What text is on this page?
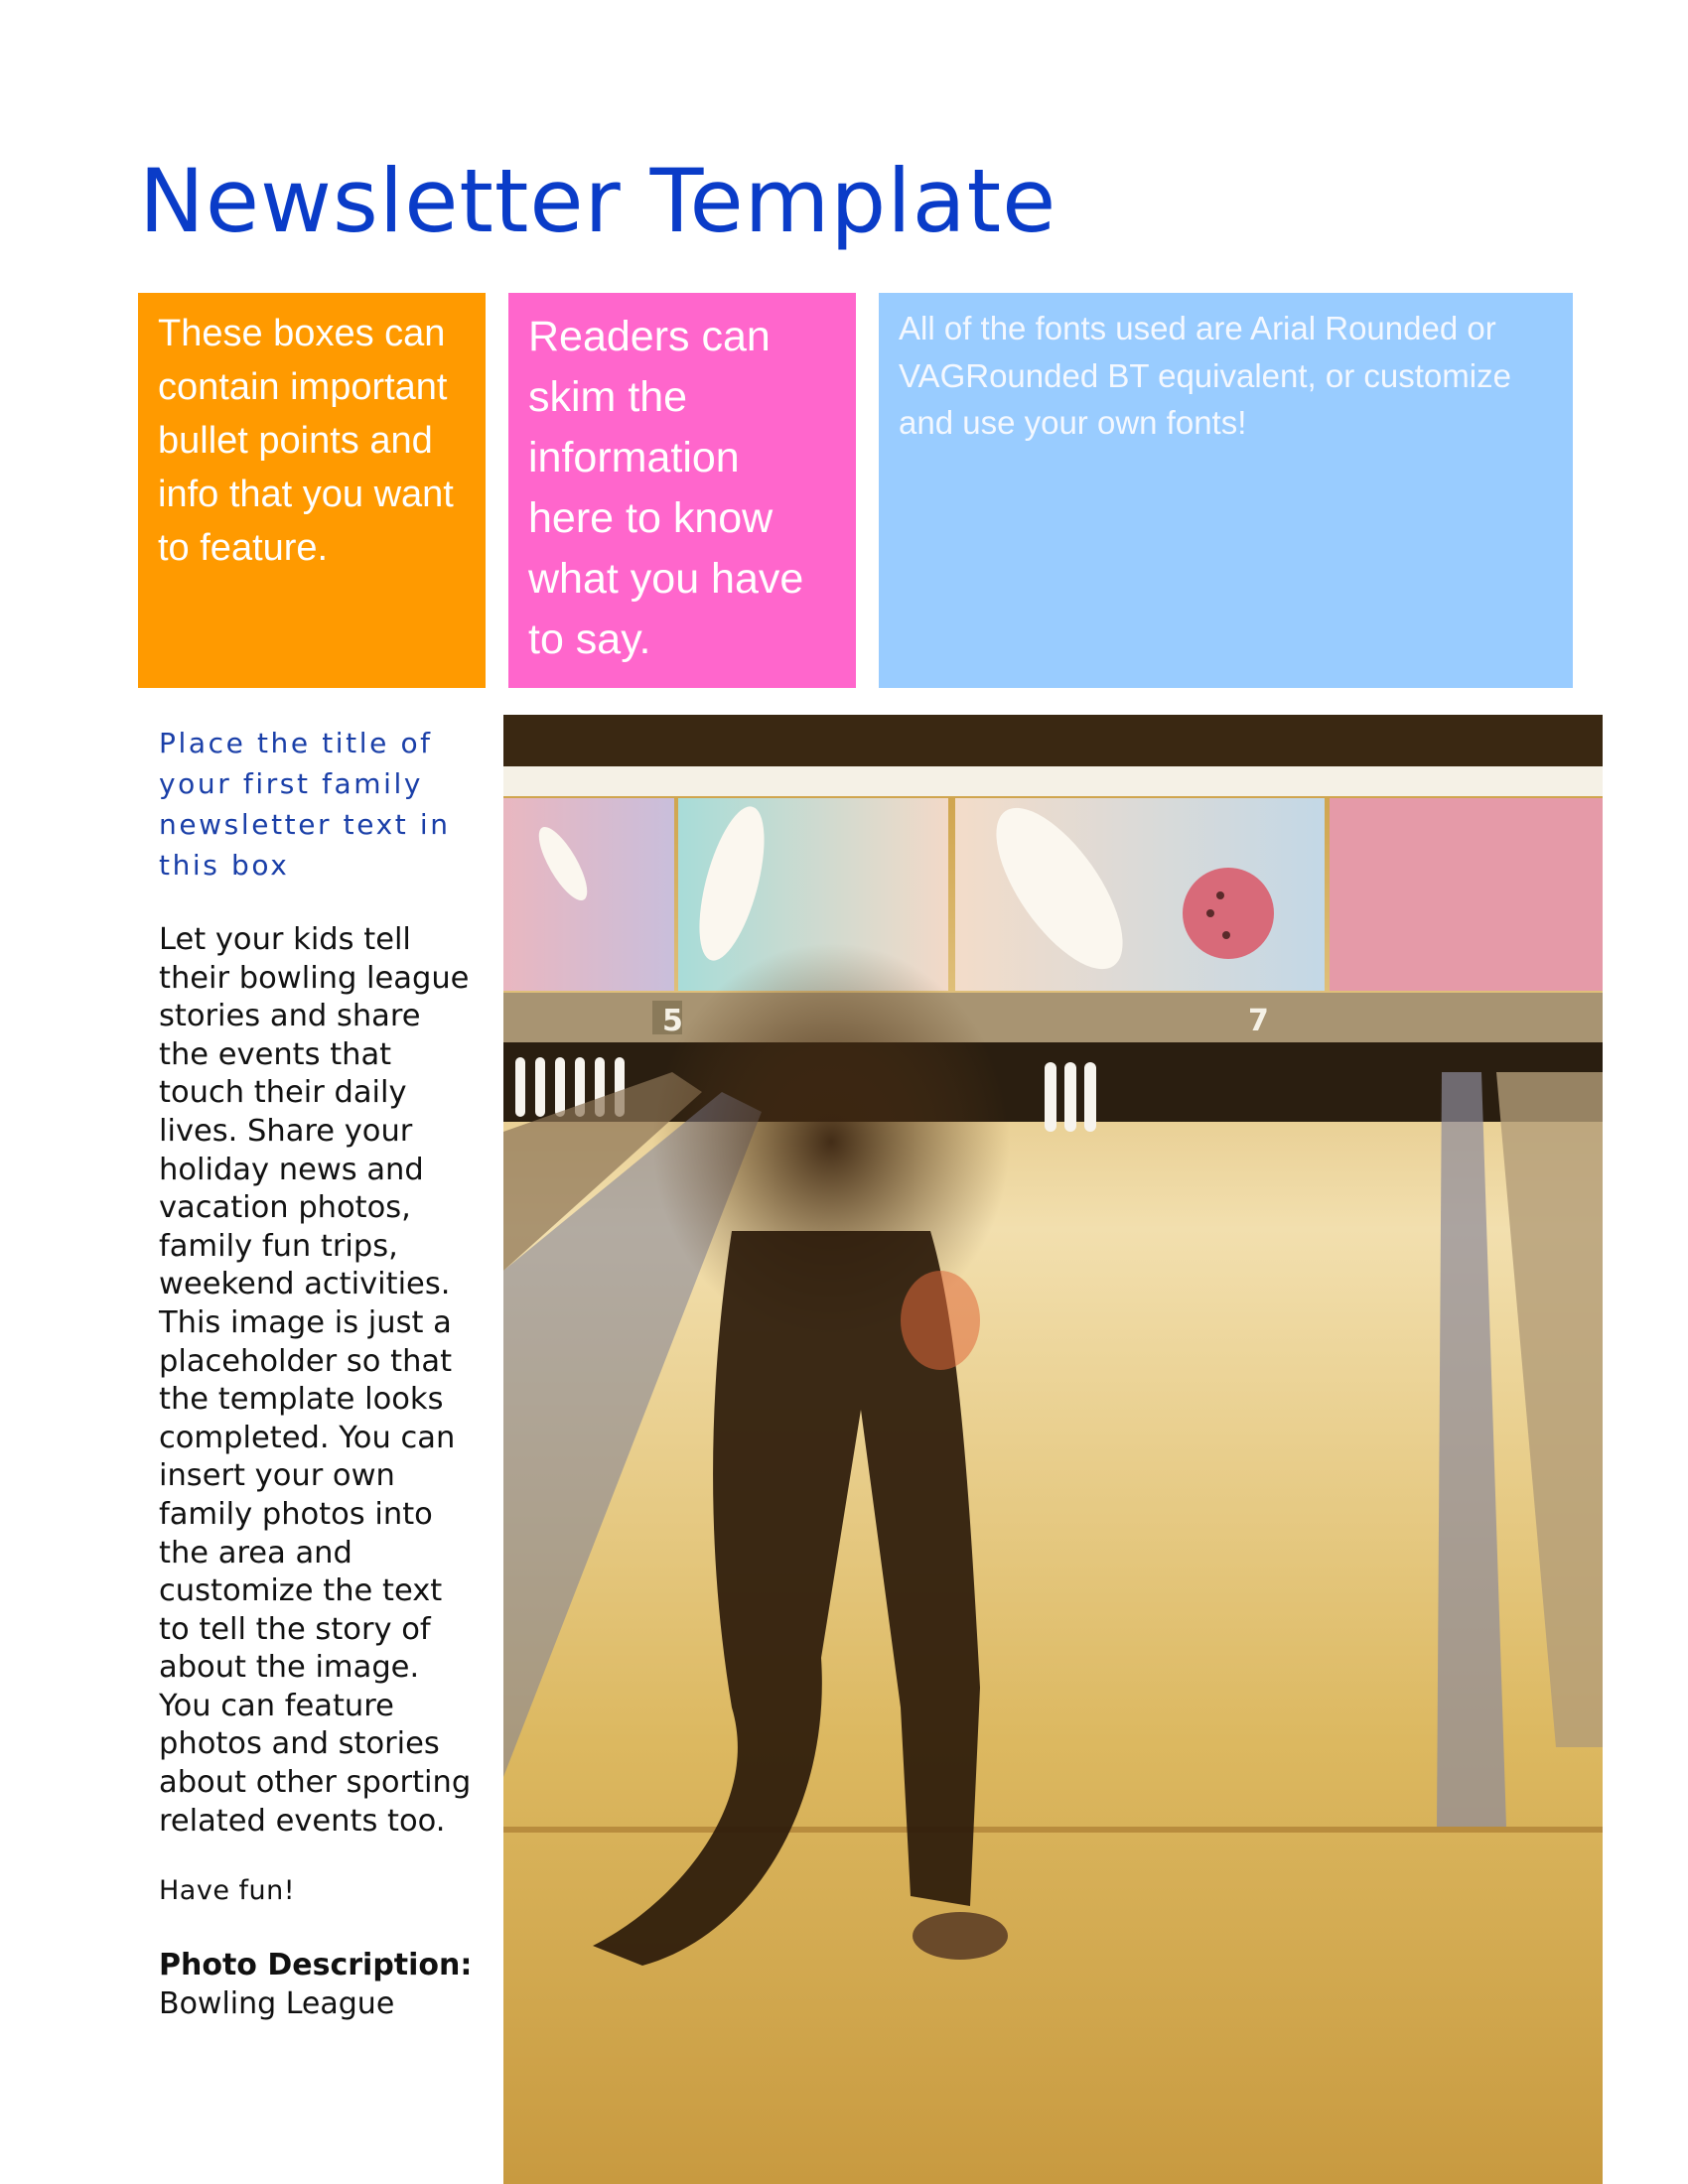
Newsletter Template

These boxes can contain important bullet points and info that you want to feature.

Readers can skim the information here to know what you have to say.

All of the fonts used are Arial Rounded or VAGRounded BT equivalent, or customize and use your own fonts!

Place the title of your first family newsletter text in this box

Let your kids tell their bowling league stories and share the events that touch their daily lives. Share your holiday news and vacation photos, family fun trips, weekend activities. This image is just a placeholder so that the template looks completed. You can insert your own family photos into the area and customize the text to tell the story of about the image. You can feature photos and stories about other sporting related events too.

Have fun!

Photo Description:
Bowling League
5	7
